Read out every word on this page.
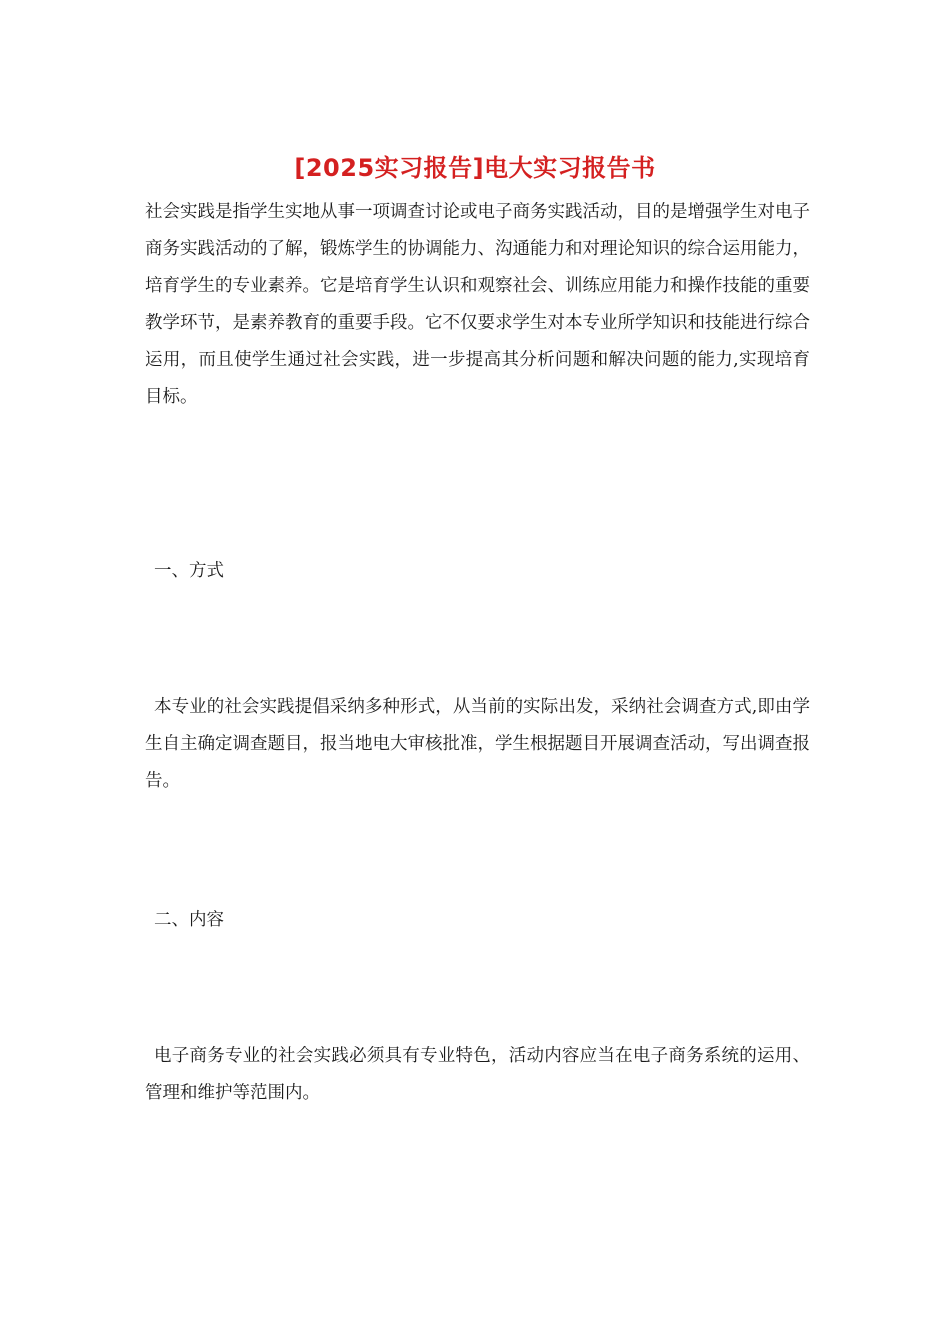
[2025实习报告]电大实习报告书

社会实践是指学生实地从事一项调查讨论或电子商务实践活动，目的是增强学生对电子商务实践活动的了解，锻炼学生的协调能力、沟通能力和对理论知识的综合运用能力，培育学生的专业素养。它是培育学生认识和观察社会、训练应用能力和操作技能的重要教学环节，是素养教育的重要手段。它不仅要求学生对本专业所学知识和技能进行综合运用，而且使学生通过社会实践，进一步提高其分析问题和解决问题的能力,实现培育目标。

一、方式

本专业的社会实践提倡采纳多种形式，从当前的实际出发，采纳社会调查方式,即由学生自主确定调查题目，报当地电大审核批准，学生根据题目开展调查活动，写出调查报告。

二、内容

电子商务专业的社会实践必须具有专业特色，活动内容应当在电子商务系统的运用、管理和维护等范围内。
